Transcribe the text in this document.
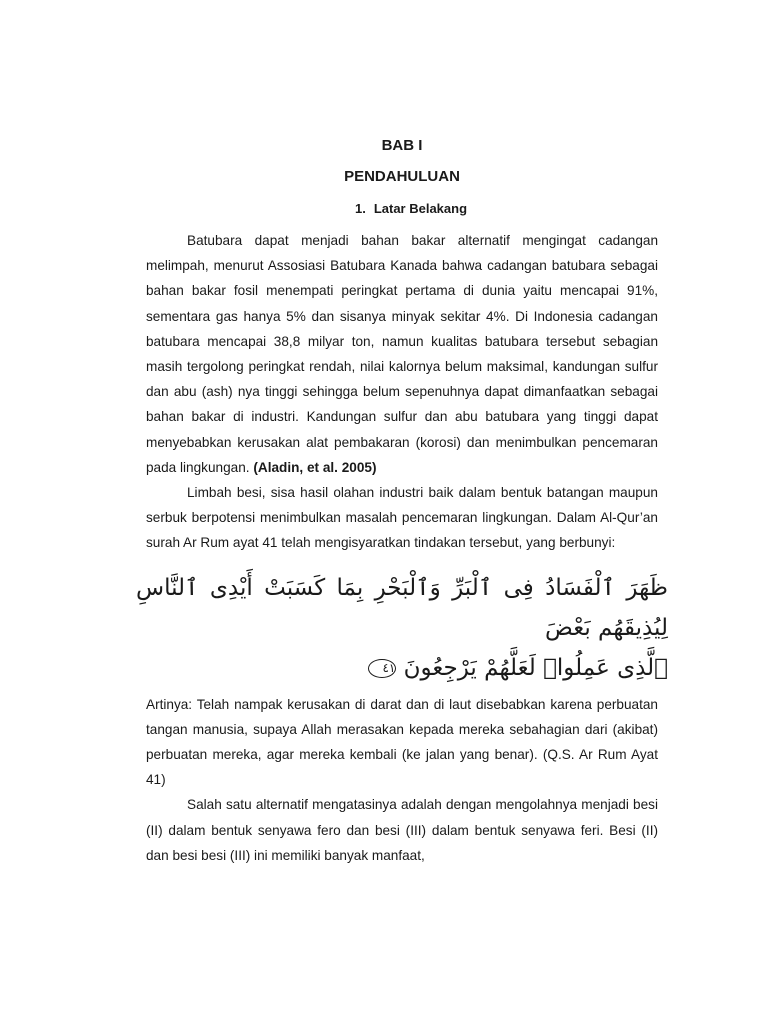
BAB I
PENDAHULUAN
1. Latar Belakang

Batubara dapat menjadi bahan bakar alternatif mengingat cadangan melimpah, menurut Assosiasi Batubara Kanada bahwa cadangan batubara sebagai bahan bakar fosil menempati peringkat pertama di dunia yaitu mencapai 91%, sementara gas hanya 5% dan sisanya minyak sekitar 4%. Di Indonesia cadangan batubara mencapai 38,8 milyar ton, namun kualitas batubara tersebut sebagian masih tergolong peringkat rendah, nilai kalornya belum maksimal, kandungan sulfur dan abu (ash) nya tinggi sehingga belum sepenuhnya dapat dimanfaatkan sebagai bahan bakar di industri. Kandungan sulfur dan abu batubara yang tinggi dapat menyebabkan kerusakan alat pembakaran (korosi) dan menimbulkan pencemaran pada lingkungan. (Aladin, et al. 2005)

Limbah besi, sisa hasil olahan industri baik dalam bentuk batangan maupun serbuk berpotensi menimbulkan masalah pencemaran lingkungan. Dalam Al-Qur’an surah Ar Rum ayat 41 telah mengisyaratkan tindakan tersebut, yang berbunyi:

ظَهَرَ ٱلْفَسَادُ فِى ٱلْبَرِّ وَٱلْبَحْرِ بِمَا كَسَبَتْ أَيْدِى ٱلنَّاسِ لِيُذِيقَهُم بَعْضَ
ٱلَّذِى عَمِلُوا۟ لَعَلَّهُمْ يَرْجِعُونَ ٤١

Artinya: Telah nampak kerusakan di darat dan di laut disebabkan karena perbuatan tangan manusia, supaya Allah merasakan kepada mereka sebahagian dari (akibat) perbuatan mereka, agar mereka kembali (ke jalan yang benar). (Q.S. Ar Rum Ayat 41)

Salah satu alternatif mengatasinya adalah dengan mengolahnya menjadi besi (II) dalam bentuk senyawa fero dan besi (III) dalam bentuk senyawa feri. Besi (II) dan besi besi (III) ini memiliki banyak manfaat,
